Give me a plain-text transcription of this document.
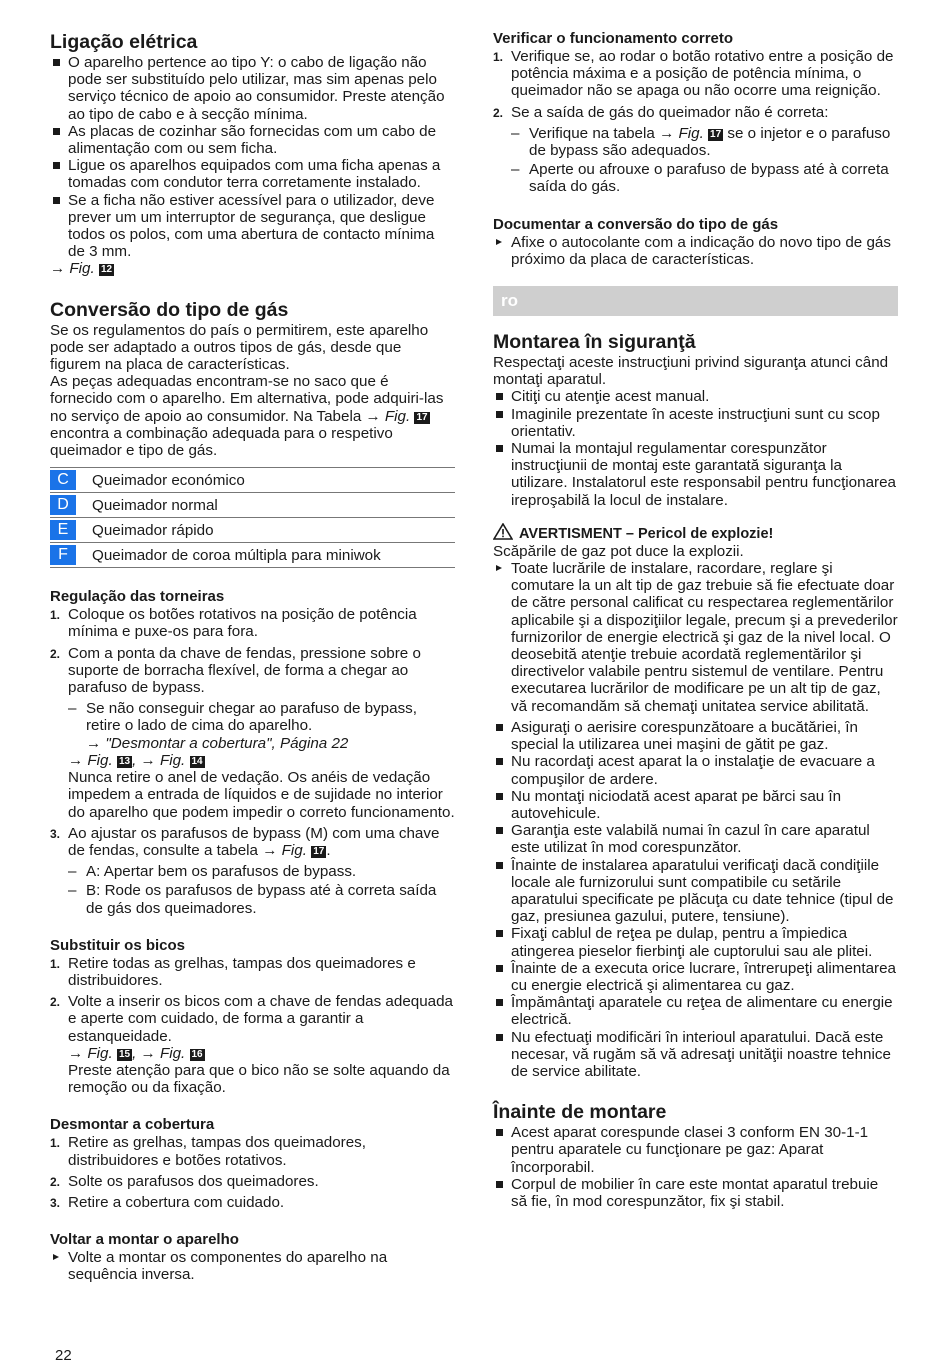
Ligação elétrica
O aparelho pertence ao tipo Y: o cabo de ligação não pode ser substituído pelo utilizar, mas sim apenas pelo serviço técnico de apoio ao consumidor. Preste atenção ao tipo de cabo e à secção mínima.
As placas de cozinhar são fornecidas com um cabo de alimentação com ou sem ficha.
Ligue os aparelhos equipados com uma ficha apenas a tomadas com condutor terra corretamente instalado.
Se a ficha não estiver acessível para o utilizador, deve prever um um interruptor de segurança, que desligue todos os polos, com uma abertura de contacto mínima de 3 mm.
→ Fig. 12
Conversão do tipo de gás

Se os regulamentos do país o permitirem, este aparelho pode ser adaptado a outros tipos de gás, desde que figurem na placa de características.

As peças adequadas encontram-se no saco que é fornecido com o aparelho. Em alternativa, pode adquiri-las no serviço de apoio ao consumidor. Na Tabela → Fig. 17 encontra a combinação adequada para o respetivo queimador e tipo de gás.

C	Queimador económico
D	Queimador normal
E	Queimador rápido
F	Queimador de coroa múltipla para miniwok
Regulação das torneiras
1. Coloque os botões rotativos na posição de potência mínima e puxe-os para fora.
2. Com a ponta da chave de fendas, pressione sobre o suporte de borracha flexível, de forma a chegar ao parafuso de bypass.
– Se não conseguir chegar ao parafuso de bypass, retire o lado de cima do aparelho.
→ "Desmontar a cobertura", Página 22
→ Fig. 13 , → Fig. 14
Nunca retire o anel de vedação. Os anéis de vedação impedem a entrada de líquidos e de sujidade no interior do aparelho que podem impedir o correto funcionamento.
3. Ao ajustar os parafusos de bypass (M) com uma chave de fendas, consulte a tabela → Fig. 17 .
– A: Apertar bem os parafusos de bypass.
– B: Rode os parafusos de bypass até à correta saída de gás dos queimadores.
Substituir os bicos
1. Retire todas as grelhas, tampas dos queimadores e distribuidores.
2. Volte a inserir os bicos com a chave de fendas adequada e aperte com cuidado, de forma a garantir a estanqueidade.
→ Fig. 15 , → Fig. 16
Preste atenção para que o bico não se solte aquando da remoção ou da fixação.
Desmontar a cobertura
1. Retire as grelhas, tampas dos queimadores, distribuidores e botões rotativos.
2. Solte os parafusos dos queimadores.
3. Retire a cobertura com cuidado.
Voltar a montar o aparelho
Volte a montar os componentes do aparelho na sequência inversa.
Verificar o funcionamento correto
1. Verifique se, ao rodar o botão rotativo entre a posição de potência máxima e a posição de potência mínima, o queimador não se apaga ou não ocorre uma reignição.
2. Se a saída de gás do queimador não é correta:
– Verifique na tabela → Fig. 17 se o injetor e o parafuso de bypass são adequados.
– Aperte ou afrouxe o parafuso de bypass até à correta saída do gás.
Documentar a conversão do tipo de gás
Afixe o autocolante com a indicação do novo tipo de gás próximo da placa de características.
ro
Montarea în siguranţă

Respectaţi aceste instrucţiuni privind siguranţa atunci când montaţi aparatul.

Citiţi cu atenţie acest manual.
Imaginile prezentate în aceste instrucţiuni sunt cu scop orientativ.
Numai la montajul regulamentar corespunzător instrucţiunii de montaj este garantată siguranţa la utilizare. Instalatorul este responsabil pentru funcţionarea ireproşabilă la locul de instalare.
AVERTISMENT – Pericol de explozie!

Scăpările de gaz pot duce la explozii.

Toate lucrările de instalare, racordare, reglare şi comutare la un alt tip de gaz trebuie să fie efectuate doar de către personal calificat cu respectarea reglementărilor aplicabile şi a dispoziţiilor legale, precum şi a prevederilor furnizorilor de energie electrică şi gaz de la nivel local. O deosebită atenţie trebuie acordată reglementărilor şi directivelor valabile pentru sistemul de ventilare. Pentru executarea lucrărilor de modificare pe un alt tip de gaz, vă recomandăm să chemaţi unitatea service abilitată.
Asiguraţi o aerisire corespunzătoare a bucătăriei, în special la utilizarea unei maşini de gătit pe gaz.
Nu racordaţi acest aparat la o instalaţie de evacuare a compuşilor de ardere.
Nu montaţi niciodată acest aparat pe bărci sau în autovehicule.
Garanţia este valabilă numai în cazul în care aparatul este utilizat în mod corespunzător.
Înainte de instalarea aparatului verificaţi dacă condiţiile locale ale furnizorului sunt compatibile cu setările aparatului specificate pe plăcuţa cu date tehnice (tipul de gaz, presiunea gazului, putere, tensiune).
Fixaţi cablul de reţea pe dulap, pentru a împiedica atingerea pieselor fierbinţi ale cuptorului sau ale plitei.
Înainte de a executa orice lucrare, întrerupeţi alimentarea cu energie electrică şi alimentarea cu gaz.
Împământaţi aparatele cu reţea de alimentare cu energie electrică.
Nu efectuaţi modificări în interioul aparatului. Dacă este necesar, vă rugăm să vă adresaţi unităţii noastre tehnice de service abilitate.
Înainte de montare
Acest aparat corespunde clasei 3 conform EN 30-1-1 pentru aparatele cu funcţionare pe gaz: Aparat încorporabil.
Corpul de mobilier în care este montat aparatul trebuie să fie, în mod corespunzător, fix şi stabil.
22
